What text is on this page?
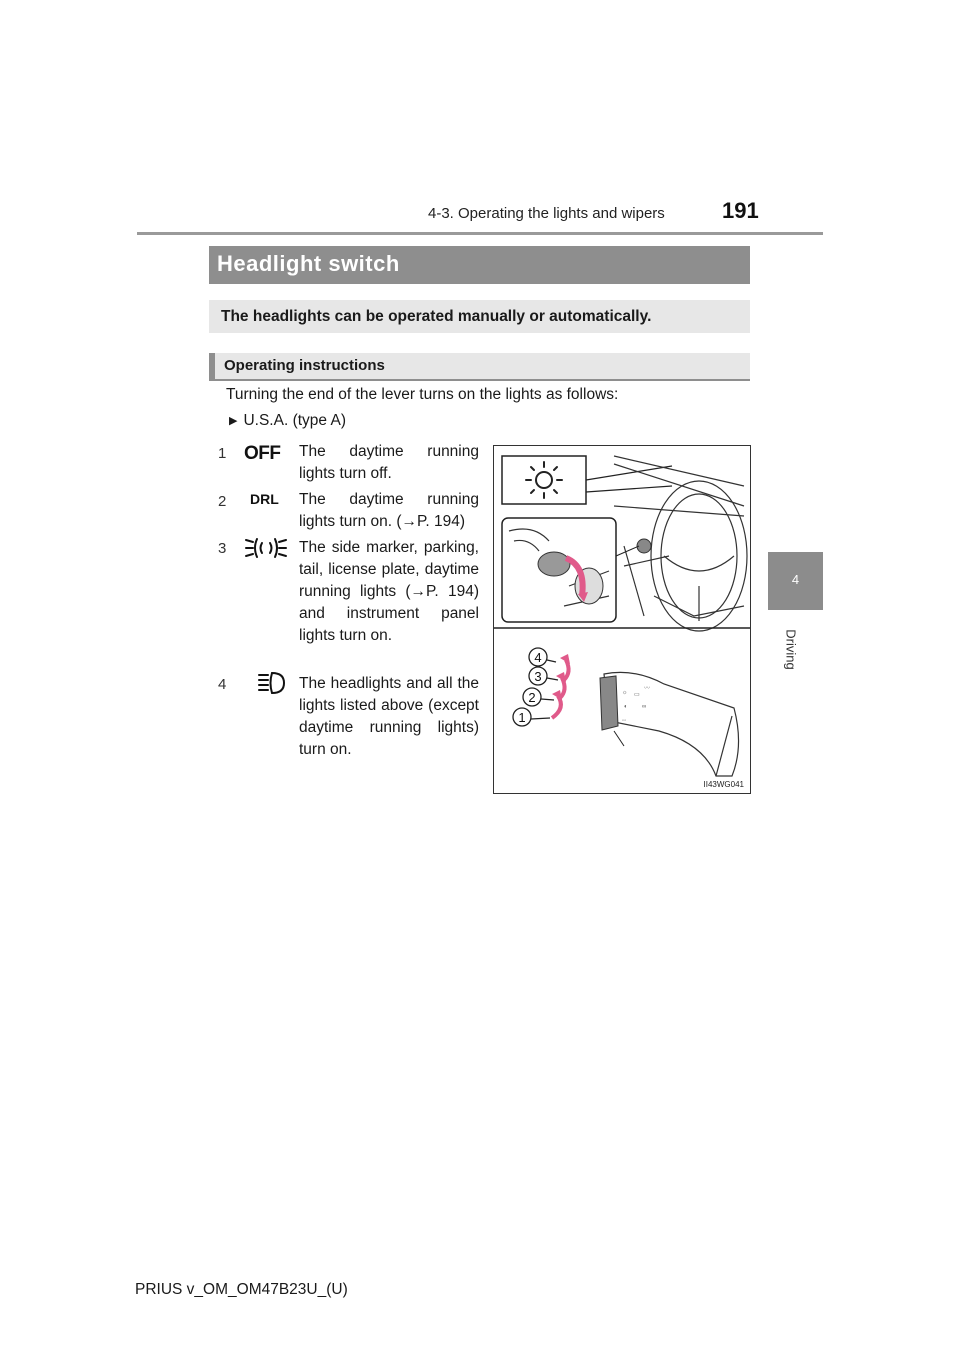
4-3. Operating the lights and wipers	191
4
Driving
Headlight switch
The headlights can be operated manually or automatically.
Operating instructions
Turning the end of the lever turns on the lights as follows:
▶ U.S.A. (type A)
1 OFF	The daytime running lights turn off.
2 DRL	The daytime running lights turn on. (→P. 194)
3	The side marker, parking, tail, license plate, daytime running lights (→P. 194) and instrument panel lights turn on.
4	The headlights and all the lights listed above (except daytime running lights) turn on.
☼ ▭
〰
◐ ∞
◦◦
4
3
2
1
II43WG041
PRIUS v_OM_OM47B23U_(U)
